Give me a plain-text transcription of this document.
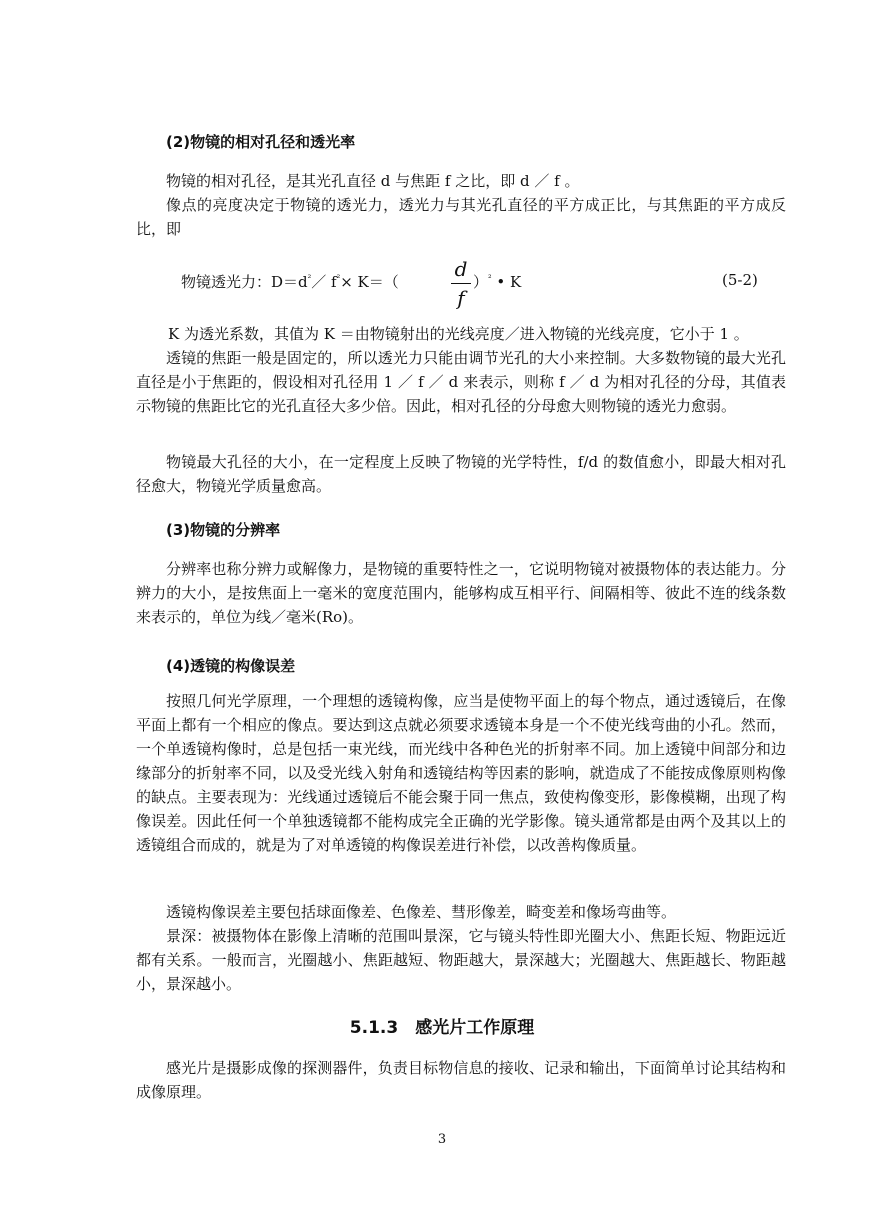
(2)物镜的相对孔径和透光率

物镜的相对孔径，是其光孔直径 d 与焦距 f 之比，即 d ／ f 。

像点的亮度决定于物镜的透光力，透光力与其光孔直径的平方成正比，与其焦距的平方成反比，即

物镜透光力： $D=d^{^2}/$ $f^{^2}\times K=$（
d
f
）$^{^2}$ • K	(5-2)

K 为透光系数，其值为 K ＝由物镜射出的光线亮度／进入物镜的光线亮度，它小于 1 。

透镜的焦距一般是固定的，所以透光力只能由调节光孔的大小来控制。大多数物镜的最大光孔直径是小于焦距的，假设相对孔径用 1 ／ f ／ d 来表示，则称 f ／ d 为相对孔径的分母，其值表示物镜的焦距比它的光孔直径大多少倍。因此，相对孔径的分母愈大则物镜的透光力愈弱。

物镜最大孔径的大小，在一定程度上反映了物镜的光学特性，f/d 的数值愈小，即最大相对孔径愈大，物镜光学质量愈高。

(3)物镜的分辨率

分辨率也称分辨力或解像力，是物镜的重要特性之一，它说明物镜对被摄物体的表达能力。分辨力的大小，是按焦面上一毫米的宽度范围内，能够构成互相平行、间隔相等、彼此不连的线条数来表示的，单位为线／毫米(Ro)。

(4)透镜的构像误差

按照几何光学原理，一个理想的透镜构像，应当是使物平面上的每个物点，通过透镜后，在像平面上都有一个相应的像点。要达到这点就必须要求透镜本身是一个不使光线弯曲的小孔。然而，一个单透镜构像时，总是包括一束光线，而光线中各种色光的折射率不同。加上透镜中间部分和边缘部分的折射率不同，以及受光线入射角和透镜结构等因素的影响，就造成了不能按成像原则构像的缺点。主要表现为：光线通过透镜后不能会聚于同一焦点，致使构像变形，影像模糊，出现了构像误差。因此任何一个单独透镜都不能构成完全正确的光学影像。镜头通常都是由两个及其以上的透镜组合而成的，就是为了对单透镜的构像误差进行补偿，以改善构像质量。

透镜构像误差主要包括球面像差、色像差、彗形像差，畸变差和像场弯曲等。

景深：被摄物体在影像上清晰的范围叫景深，它与镜头特性即光圈大小、焦距长短、物距远近都有关系。一般而言，光圈越小、焦距越短、物距越大，景深越大；光圈越大、焦距越长、物距越小，景深越小。

5.1.3　感光片工作原理

感光片是摄影成像的探测器件，负责目标物信息的接收、记录和输出，下面简单讨论其结构和成像原理。

3
